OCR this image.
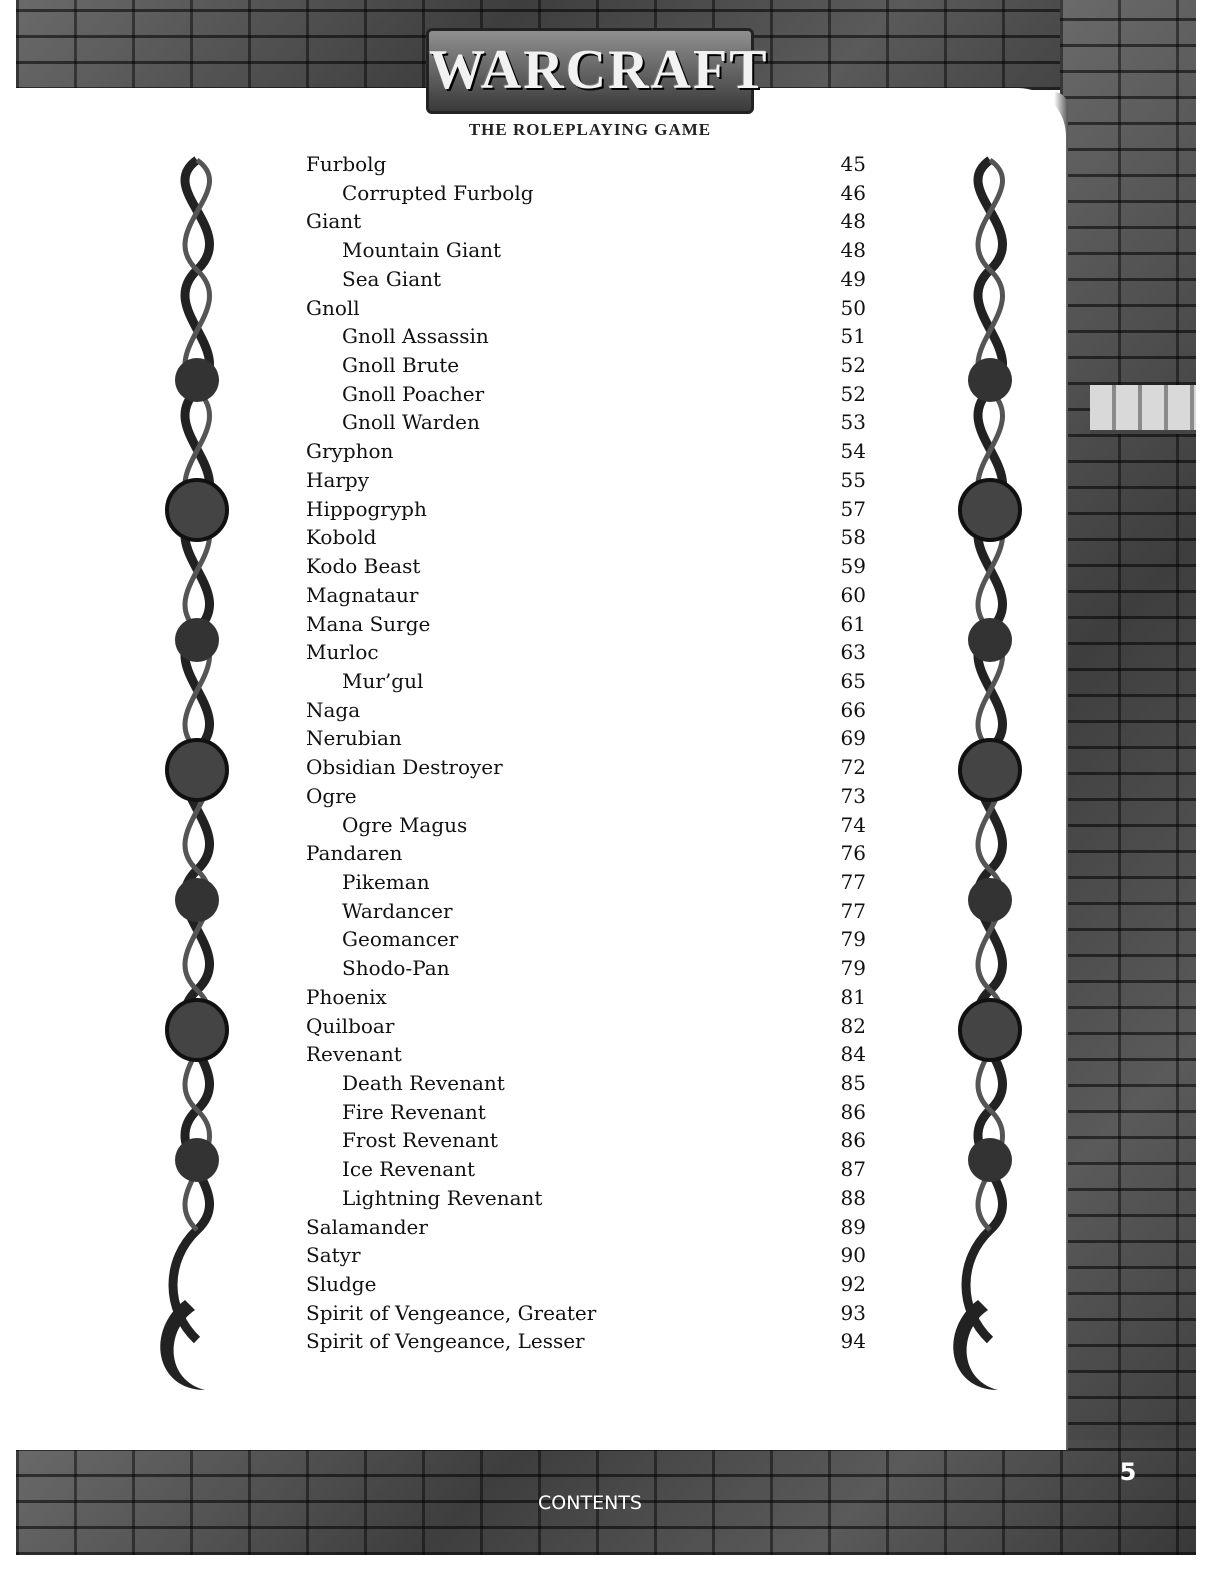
WARCRAFT
THE ROLEPLAYING GAME
Furbolg	45
Corrupted Furbolg	46
Giant	48
Mountain Giant	48
Sea Giant	49
Gnoll	50
Gnoll Assassin	51
Gnoll Brute	52
Gnoll Poacher	52
Gnoll Warden	53
Gryphon	54
Harpy	55
Hippogryph	57
Kobold	58
Kodo Beast	59
Magnataur	60
Mana Surge	61
Murloc	63
Mur’gul	65
Naga	66
Nerubian	69
Obsidian Destroyer	72
Ogre	73
Ogre Magus	74
Pandaren	76
Pikeman	77
Wardancer	77
Geomancer	79
Shodo-Pan	79
Phoenix	81
Quilboar	82
Revenant	84
Death Revenant	85
Fire Revenant	86
Frost Revenant	86
Ice Revenant	87
Lightning Revenant	88
Salamander	89
Satyr	90
Sludge	92
Spirit of Vengeance, Greater	93
Spirit of Vengeance, Lesser	94
CONTENTS
5
